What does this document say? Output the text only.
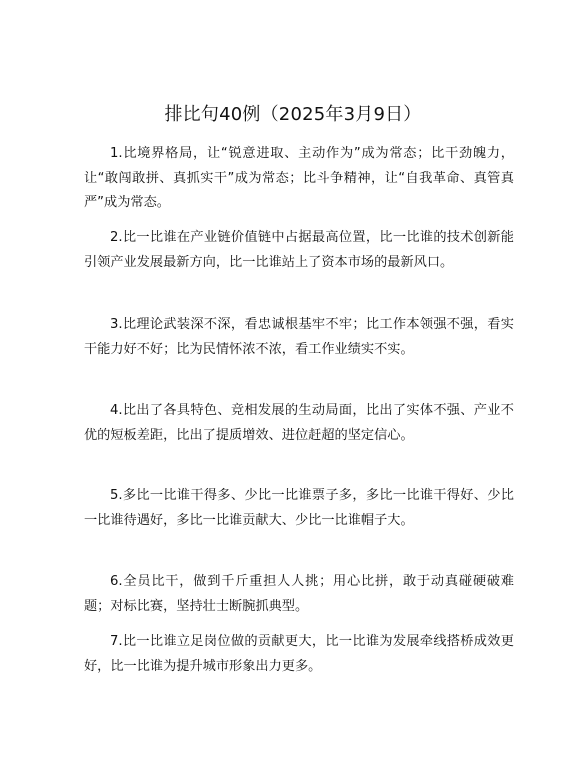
排比句40例（2025年3月9日）

1.比境界格局，让“锐意进取、主动作为”成为常态；比干劲魄力，让“敢闯敢拼、真抓实干”成为常态；比斗争精神，让“自我革命、真管真严”成为常态。

2.比一比谁在产业链价值链中占据最高位置，比一比谁的技术创新能引领产业发展最新方向，比一比谁站上了资本市场的最新风口。

3.比理论武装深不深，看忠诚根基牢不牢；比工作本领强不强，看实干能力好不好；比为民情怀浓不浓，看工作业绩实不实。

4.比出了各具特色、竞相发展的生动局面，比出了实体不强、产业不优的短板差距，比出了提质增效、进位赶超的坚定信心。

5.多比一比谁干得多、少比一比谁票子多，多比一比谁干得好、少比一比谁待遇好，多比一比谁贡献大、少比一比谁帽子大。

6.全员比干，做到千斤重担人人挑；用心比拼，敢于动真碰硬破难题；对标比赛，坚持壮士断腕抓典型。

7.比一比谁立足岗位做的贡献更大，比一比谁为发展牵线搭桥成效更好，比一比谁为提升城市形象出力更多。
